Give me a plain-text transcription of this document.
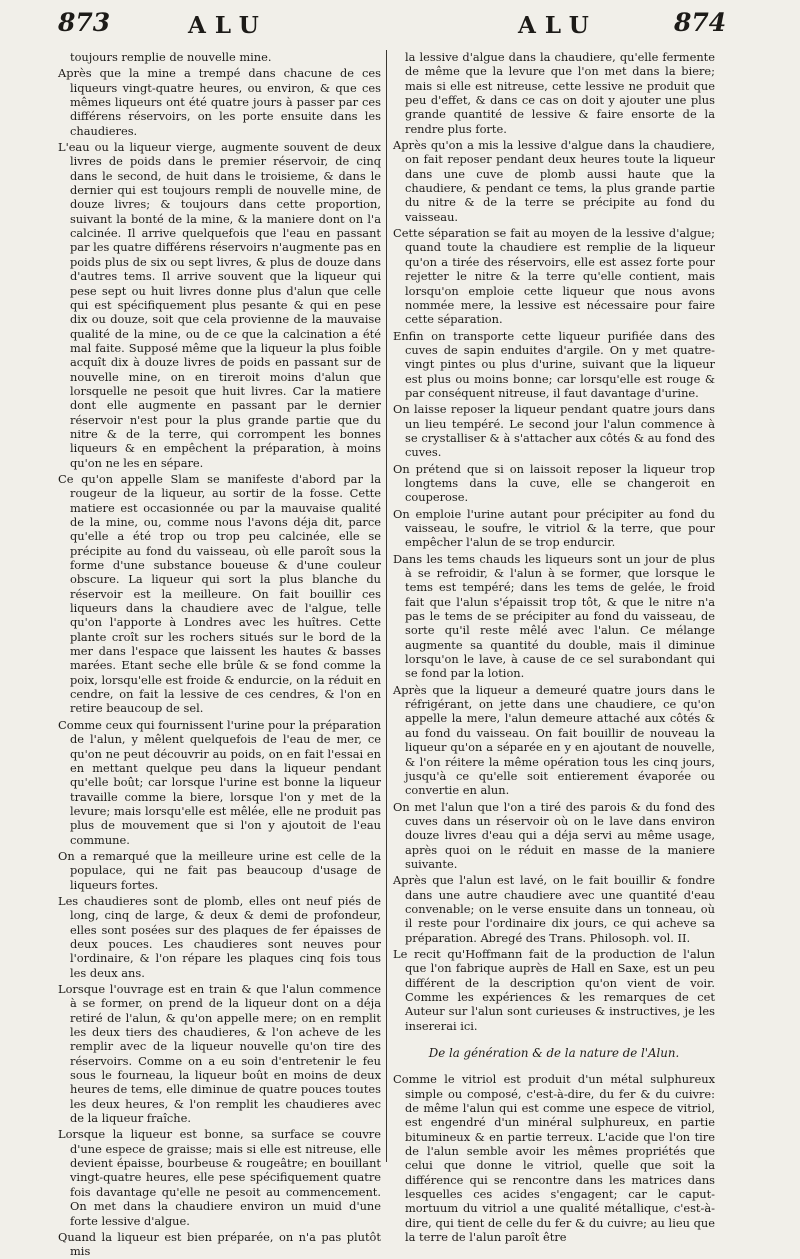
873	ALU	ALU	874

toujours remplie de nouvelle mine.

Après que la mine a trempé dans chacune de ces liqueurs vingt-quatre heures, ou environ, & que ces mêmes liqueurs ont été quatre jours à passer par ces différens réservoirs, on les porte ensuite dans les chaudieres.

L'eau ou la liqueur vierge, augmente souvent de deux livres de poids dans le premier réservoir, de cinq dans le second, de huit dans le troisieme, & dans le dernier qui est toujours rempli de nouvelle mine, de douze livres; & toujours dans cette proportion, suivant la bonté de la mine, & la maniere dont on l'a calcinée. Il arrive quelquefois que l'eau en passant par les quatre différens réservoirs n'augmente pas en poids plus de six ou sept livres, & plus de douze dans d'autres tems. Il arrive souvent que la liqueur qui pese sept ou huit livres donne plus d'alun que celle qui est spécifiquement plus pesante & qui en pese dix ou douze, soit que cela provienne de la mauvaise qualité de la mine, ou de ce que la calcination a été mal faite. Supposé même que la liqueur la plus foible acquît dix à douze livres de poids en passant sur de nouvelle mine, on en tireroit moins d'alun que lorsquelle ne pesoit que huit livres. Car la matiere dont elle augmente en passant par le dernier réservoir n'est pour la plus grande partie que du nitre & de la terre, qui corrompent les bonnes liqueurs & en empêchent la préparation, à moins qu'on ne les en sépare.

Ce qu'on appelle Slam se manifeste d'abord par la rougeur de la liqueur, au sortir de la fosse. Cette matiere est occasionnée ou par la mauvaise qualité de la mine, ou, comme nous l'avons déja dit, parce qu'elle a été trop ou trop peu calcinée, elle se précipite au fond du vaisseau, où elle paroît sous la forme d'une substance boueuse & d'une couleur obscure. La liqueur qui sort la plus blanche du réservoir est la meilleure. On fait bouillir ces liqueurs dans la chaudiere avec de l'algue, telle qu'on l'apporte à Londres avec les huîtres. Cette plante croît sur les rochers situés sur le bord de la mer dans l'espace que laissent les hautes & basses marées. Etant seche elle brûle & se fond comme la poix, lorsqu'elle est froide & endurcie, on la réduit en cendre, on fait la lessive de ces cendres, & l'on en retire beaucoup de sel.

Comme ceux qui fournissent l'urine pour la préparation de l'alun, y mêlent quelquefois de l'eau de mer, ce qu'on ne peut découvrir au poids, on en fait l'essai en en mettant quelque peu dans la liqueur pendant qu'elle boût; car lorsque l'urine est bonne la liqueur travaille comme la biere, lorsque l'on y met de la levure; mais lorsqu'elle est mêlée, elle ne produit pas plus de mouvement que si l'on y ajoutoit de l'eau commune.

On a remarqué que la meilleure urine est celle de la populace, qui ne fait pas beaucoup d'usage de liqueurs fortes.

Les chaudieres sont de plomb, elles ont neuf piés de long, cinq de large, & deux & demi de profondeur, elles sont posées sur des plaques de fer épaisses de deux pouces. Les chaudieres sont neuves pour l'ordinaire, & l'on répare les plaques cinq fois tous les deux ans.

Lorsque l'ouvrage est en train & que l'alun commence à se former, on prend de la liqueur dont on a déja retiré de l'alun, & qu'on appelle mere; on en remplit les deux tiers des chaudieres, & l'on acheve de les remplir avec de la liqueur nouvelle qu'on tire des réservoirs. Comme on a eu soin d'entretenir le feu sous le fourneau, la liqueur boût en moins de deux heures de tems, elle diminue de quatre pouces toutes les deux heures, & l'on remplit les chaudieres avec de la liqueur fraîche.

Lorsque la liqueur est bonne, sa surface se couvre d'une espece de graisse; mais si elle est nitreuse, elle devient épaisse, bourbeuse & rougeâtre; en bouillant vingt-quatre heures, elle pese spécifiquement quatre fois davantage qu'elle ne pesoit au commencement. On met dans la chaudiere environ un muid d'une forte lessive d'algue.

Quand la liqueur est bien préparée, on n'a pas plutôt mis

la lessive d'algue dans la chaudiere, qu'elle fermente de même que la levure que l'on met dans la biere; mais si elle est nitreuse, cette lessive ne produit que peu d'effet, & dans ce cas on doit y ajouter une plus grande quantité de lessive & faire ensorte de la rendre plus forte.

Après qu'on a mis la lessive d'algue dans la chaudiere, on fait reposer pendant deux heures toute la liqueur dans une cuve de plomb aussi haute que la chaudiere, & pendant ce tems, la plus grande partie du nitre & de la terre se précipite au fond du vaisseau.

Cette séparation se fait au moyen de la lessive d'algue; quand toute la chaudiere est remplie de la liqueur qu'on a tirée des réservoirs, elle est assez forte pour rejetter le nitre & la terre qu'elle contient, mais lorsqu'on emploie cette liqueur que nous avons nommée mere, la lessive est nécessaire pour faire cette séparation.

Enfin on transporte cette liqueur purifiée dans des cuves de sapin enduites d'argile. On y met quatre-vingt pintes ou plus d'urine, suivant que la liqueur est plus ou moins bonne; car lorsqu'elle est rouge & par conséquent nitreuse, il faut davantage d'urine.

On laisse reposer la liqueur pendant quatre jours dans un lieu tempéré. Le second jour l'alun commence à se crystalliser & à s'attacher aux côtés & au fond des cuves.

On prétend que si on laissoit reposer la liqueur trop longtems dans la cuve, elle se changeroit en couperose.

On emploie l'urine autant pour précipiter au fond du vaisseau, le soufre, le vitriol & la terre, que pour empêcher l'alun de se trop endurcir.

Dans les tems chauds les liqueurs sont un jour de plus à se refroidir, & l'alun à se former, que lorsque le tems est tempéré; dans les tems de gelée, le froid fait que l'alun s'épaissit trop tôt, & que le nitre n'a pas le tems de se précipiter au fond du vaisseau, de sorte qu'il reste mêlé avec l'alun. Ce mélange augmente sa quantité du double, mais il diminue lorsqu'on le lave, à cause de ce sel surabondant qui se fond par la lotion.

Après que la liqueur a demeuré quatre jours dans le réfrigérant, on jette dans une chaudiere, ce qu'on appelle la mere, l'alun demeure attaché aux côtés & au fond du vaisseau. On fait bouillir de nouveau la liqueur qu'on a séparée en y en ajoutant de nouvelle, & l'on réitere la même opération tous les cinq jours, jusqu'à ce qu'elle soit entierement évaporée ou convertie en alun.

On met l'alun que l'on a tiré des parois & du fond des cuves dans un réservoir où on le lave dans environ douze livres d'eau qui a déja servi au même usage, après quoi on le réduit en masse de la maniere suivante.

Après que l'alun est lavé, on le fait bouillir & fondre dans une autre chaudiere avec une quantité d'eau convenable; on le verse ensuite dans un tonneau, où il reste pour l'ordinaire dix jours, ce qui acheve sa préparation. Abregé des Trans. Philosoph. vol. II.

Le recit qu'Hoffmann fait de la production de l'alun que l'on fabrique auprès de Hall en Saxe, est un peu différent de la description qu'on vient de voir. Comme les expériences & les remarques de cet Auteur sur l'alun sont curieuses & instructives, je les insererai ici.

De la génération & de la nature de l'Alun.

Comme le vitriol est produit d'un métal sulphureux simple ou composé, c'est-à-dire, du fer & du cuivre: de même l'alun qui est comme une espece de vitriol, est engendré d'un minéral sulphureux, en partie bitumineux & en partie terreux. L'acide que l'on tire de l'alun semble avoir les mêmes propriétés que celui que donne le vitriol, quelle que soit la différence qui se rencontre dans les matrices dans lesquelles ces acides s'engagent; car le caput-mortuum du vitriol a une qualité métallique, c'est-à-dire, qui tient de celle du fer & du cuivre; au lieu que la terre de l'alun paroît être
